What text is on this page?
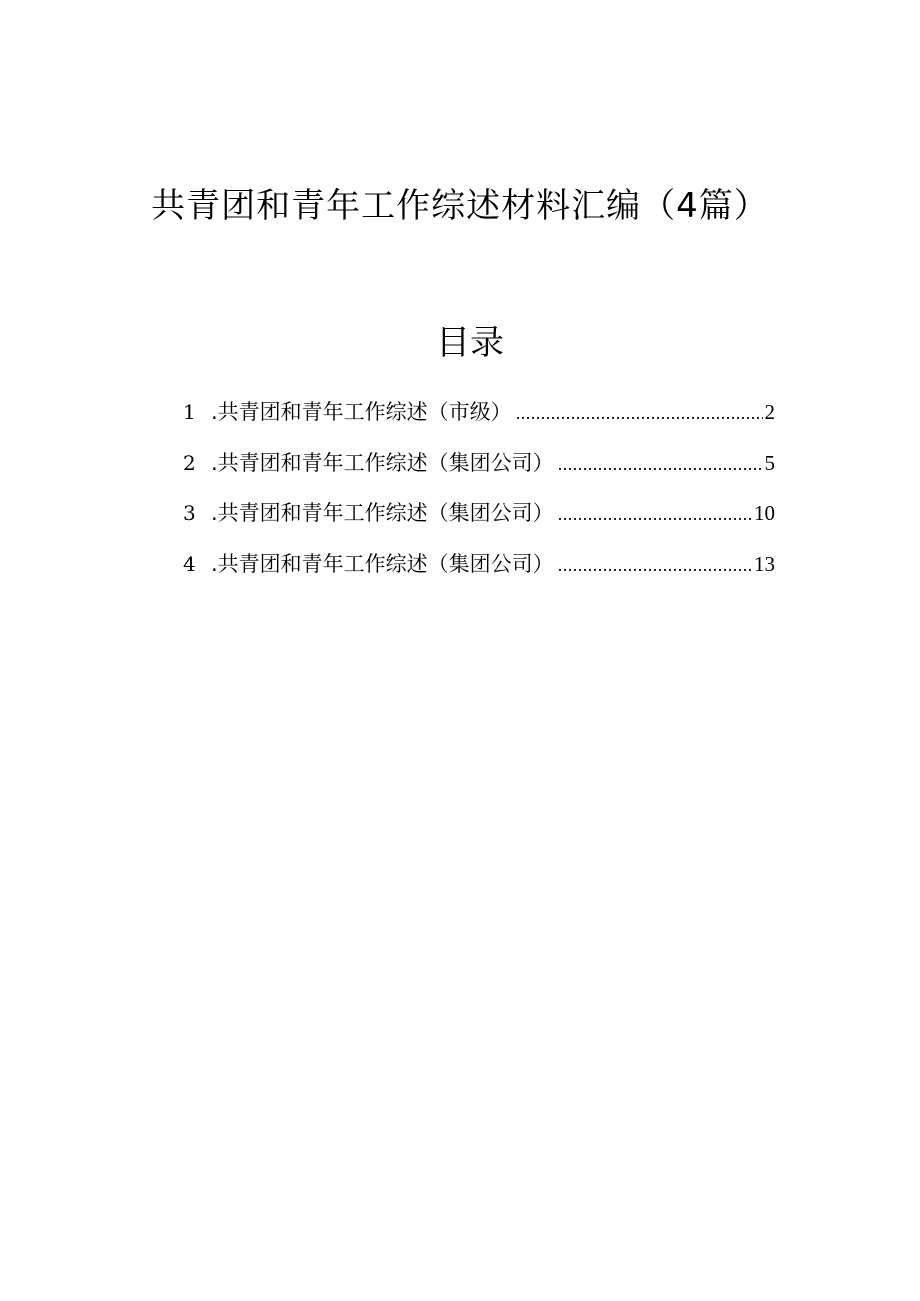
共青团和青年工作综述材料汇编（4篇）
目录
1 .共青团和青年工作综述（市级） .....	2
2 .共青团和青年工作综述（集团公司） .....	5
3 .共青团和青年工作综述（集团公司） .....	10
4 .共青团和青年工作综述（集团公司） .....	13
